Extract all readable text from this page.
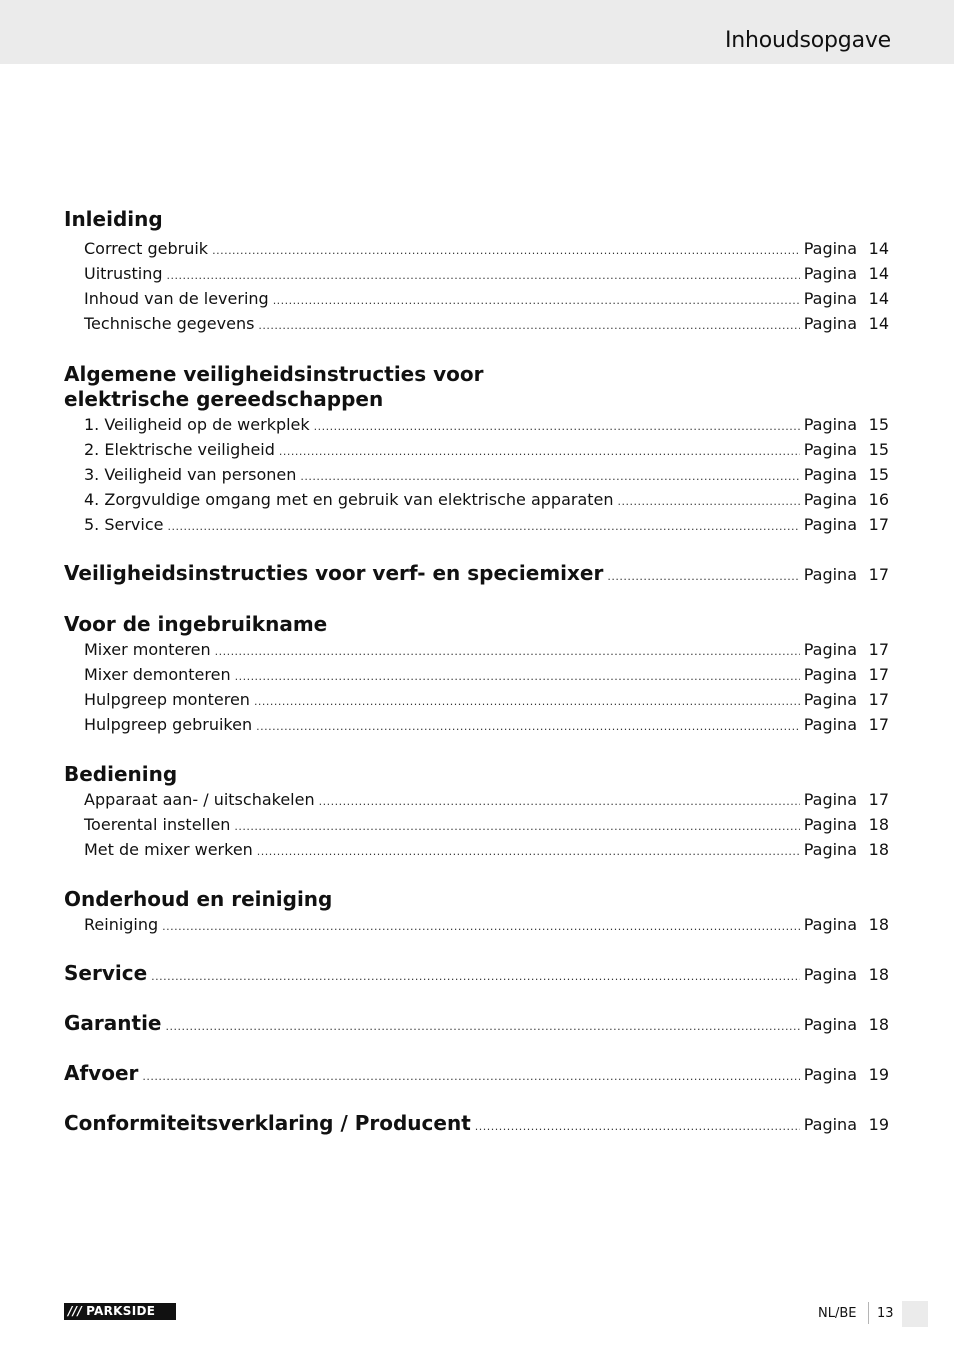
Inhoudsopgave
Inleiding
Correct gebruik .....	Pagina 14
Uitrusting .....	Pagina 14
Inhoud van de levering .....	Pagina 14
Technische gegevens .....	Pagina 14
Algemene veiligheidsinstructies voor
elektrische gereedschappen
1. Veiligheid op de werkplek .....	Pagina 15
2. Elektrische veiligheid .....	Pagina 15
3. Veiligheid van personen .....	Pagina 15
4. Zorgvuldige omgang met en gebruik van elektrische apparaten .....	Pagina 16
5. Service .....	Pagina 17
Veiligheidsinstructies voor verf- en speciemixer .....	Pagina 17
Voor de ingebruikname
Mixer monteren .....	Pagina 17
Mixer demonteren .....	Pagina 17
Hulpgreep monteren .....	Pagina 17
Hulpgreep gebruiken .....	Pagina 17
Bediening
Apparaat aan- / uitschakelen .....	Pagina 17
Toerental instellen .....	Pagina 18
Met de mixer werken .....	Pagina 18
Onderhoud en reiniging
Reiniging .....	Pagina 18
Service .....	Pagina 18
Garantie .....	Pagina 18
Afvoer .....	Pagina 19
Conformiteitsverklaring / Producent .....	Pagina 19
/// PARKSIDE	NL/BE 13
